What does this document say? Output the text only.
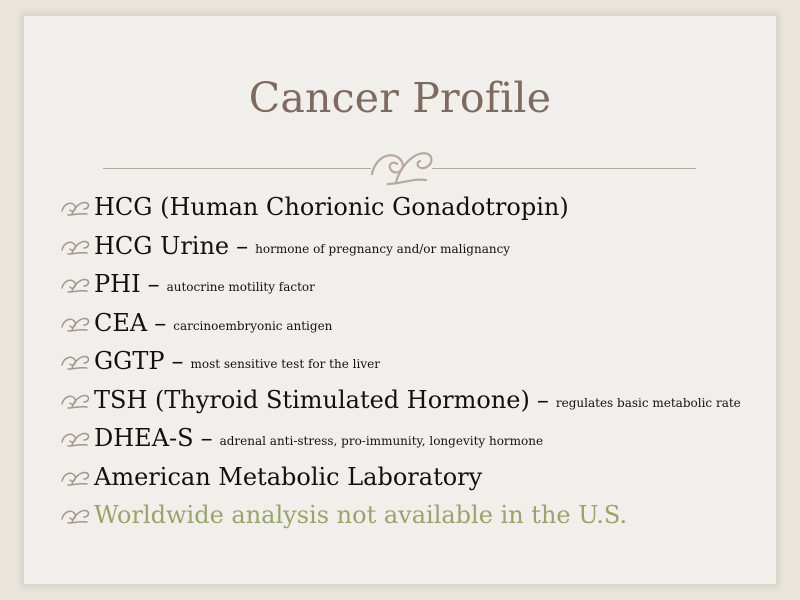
Cancer Profile
HCG (Human Chorionic Gonadotropin)
HCG Urine – hormone of pregnancy and/or malignancy
PHI – autocrine motility factor
CEA – carcinoembryonic antigen
GGTP – most sensitive test for the liver
TSH (Thyroid Stimulated Hormone) – regulates basic metabolic rate
DHEA-S – adrenal anti-stress, pro-immunity, longevity hormone
American Metabolic Laboratory
Worldwide analysis not available in the U.S.
